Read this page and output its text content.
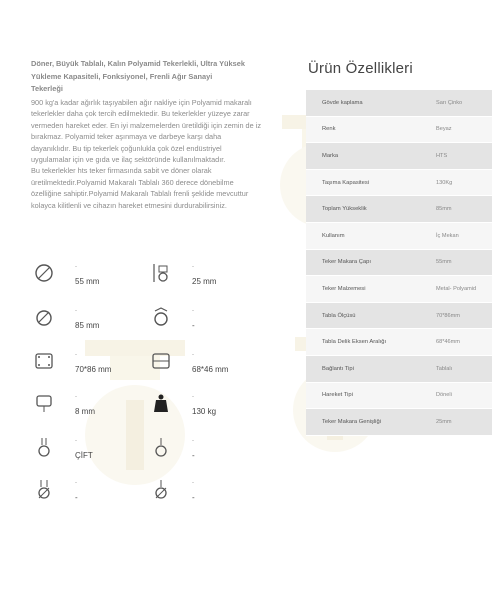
Döner, Büyük Tablalı, Kalın Polyamid Tekerlekli, Ultra Yüksek Yükleme Kapasiteli, Fonksiyonel, Frenli Ağır Sanayi Tekerleği
900 kg'a kadar ağırlık taşıyabilen ağır nakliye için Polyamid makaralı tekerlekler daha çok tercih edilmektedir. Bu tekerlekler yüzeye zarar vermeden hareket eder. En iyi malzemelerden üretildiği için zemin de iz bırakmaz. Polyamid teker aşınmaya ve darbeye karşı daha dayanıklıdır. Bu tip tekerlek çoğunlukla çok özel endüstriyel uygulamalar için ve gıda ve ilaç sektöründe kullanılmaktadır.
Bu tekerlekler hts teker firmasında sabit ve döner olarak üretilmektedir.Polyamid Makaralı Tablalı 360 derece dönebilme özelliğine sahiptir.Polyamid Makaralı Tablalı frenli şeklide mevcuttur kolayca kilitlenli ve cihazın hareket etmesini durdurabilirsiniz.
-
55 mm
-
25 mm
-
85 mm
-
-
-
70*86 mm
-
68*46 mm
-
8 mm
-
130 kg
-
ÇİFT
-
-
-
-
-
-
Ürün Özellikleri
Gövde kaplama	Sarı Çinko
Renk	Beyaz
Marka	HTS
Taşıma Kapasitesi	130Kg
Toplam Yükseklik	85mm
Kullanım	İç Mekan
Teker Makara Çapı	55mm
Teker Malzemesi	Metal- Polyamid
Tabla Ölçüsü	70*86mm
Tabla Delik Eksen Aralığı	68*46mm
Bağlantı Tipi	Tablalı
Hareket Tipi	Döneli
Teker Makara Genişliği	25mm
